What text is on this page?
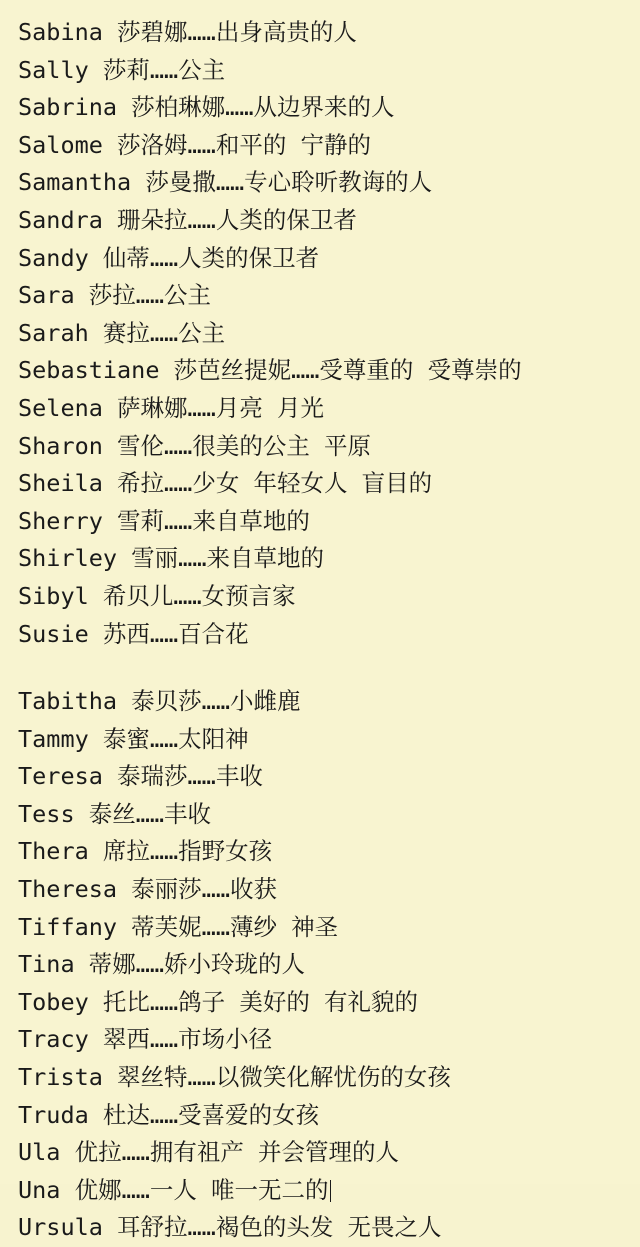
Sabina 莎碧娜……出身高贵的人
Sally 莎莉……公主
Sabrina 莎柏琳娜……从边界来的人
Salome 莎洛姆……和平的 宁静的
Samantha 莎曼撒……专心聆听教诲的人
Sandra 珊朵拉……人类的保卫者
Sandy 仙蒂……人类的保卫者
Sara 莎拉……公主
Sarah 赛拉……公主
Sebastiane 莎芭丝提妮……受尊重的 受尊崇的
Selena 萨琳娜……月亮 月光
Sharon 雪伦……很美的公主 平原
Sheila 希拉……少女 年轻女人 盲目的
Sherry 雪莉……来自草地的
Shirley 雪丽……来自草地的
Sibyl 希贝儿……女预言家
Susie 苏西……百合花
Tabitha 泰贝莎……小雌鹿
Tammy 泰蜜……太阳神
Teresa 泰瑞莎……丰收
Tess 泰丝……丰收
Thera 席拉……指野女孩
Theresa 泰丽莎……收获
Tiffany 蒂芙妮……薄纱 神圣
Tina 蒂娜……娇小玲珑的人
Tobey 托比……鸽子 美好的 有礼貌的
Tracy 翠西……市场小径
Trista 翠丝特……以微笑化解忧伤的女孩
Truda 杜达……受喜爱的女孩
Ula 优拉……拥有祖产 并会管理的人
Una 优娜……一人 唯一无二的
Ursula 耳舒拉……褐色的头发 无畏之人
